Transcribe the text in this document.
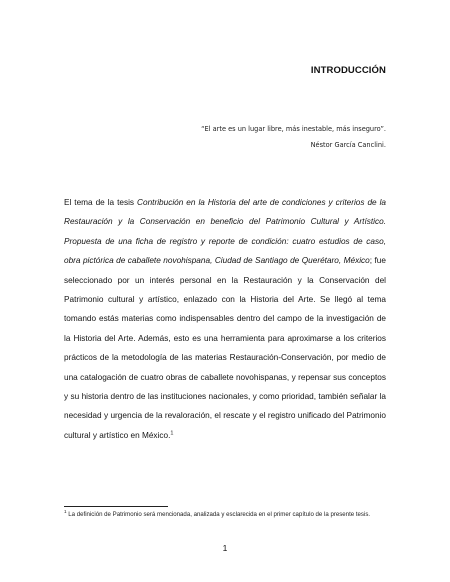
INTRODUCCIÓN
“El arte es un lugar libre, más inestable, más inseguro”.
Néstor García Canclini.
El tema de la tesis Contribución en la Historia del arte de condiciones y criterios de la Restauración y la Conservación en beneficio del Patrimonio Cultural y Artístico. Propuesta de una ficha de registro y reporte de condición: cuatro estudios de caso, obra pictórica de caballete novohispana, Ciudad de Santiago de Querétaro, México; fue seleccionado por un interés personal en la Restauración y la Conservación del Patrimonio cultural y artístico, enlazado con la Historia del Arte. Se llegó al tema tomando estás materias como indispensables dentro del campo de la investigación de la Historia del Arte. Además, esto es una herramienta para aproximarse a los criterios prácticos de la metodología de las materias Restauración-Conservación, por medio de una catalogación de cuatro obras de caballete novohispanas, y repensar sus conceptos y su historia dentro de las instituciones nacionales, y como prioridad, también señalar la necesidad y urgencia de la revaloración, el rescate y el registro unificado del Patrimonio cultural y artístico en México.$^1$
$^1$ La definición de Patrimonio será mencionada, analizada y esclarecida en el primer capítulo de la presente tesis.
1
